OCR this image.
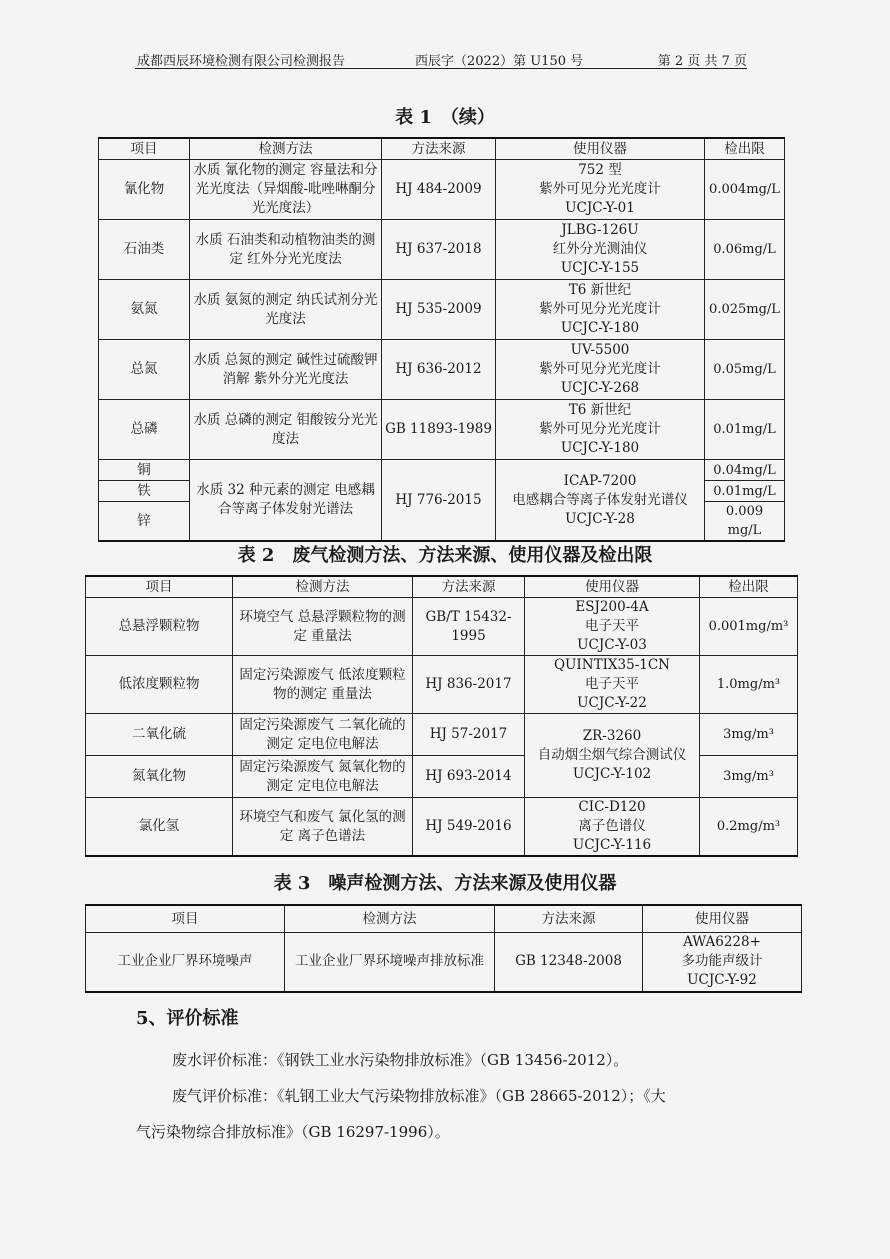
成都西辰环境检测有限公司检测报告	西辰字（2022）第 U150 号	第 2 页 共 7 页
表 1　（续）
项目	检测方法	方法来源	使用仪器	检出限
氰化物	水质 氰化物的测定 容量法和分光光度法（异烟酸-吡唑啉酮分光光度法）	HJ 484-2009	752 型
紫外可见分光光度计
UCJC-Y-01	0.004mg/L
石油类	水质 石油类和动植物油类的测定 红外分光光度法	HJ 637-2018	JLBG-126U
红外分光测油仪
UCJC-Y-155	0.06mg/L
氨氮	水质 氨氮的测定 纳氏试剂分光光度法	HJ 535-2009	T6 新世纪
紫外可见分光光度计
UCJC-Y-180	0.025mg/L
总氮	水质 总氮的测定 碱性过硫酸钾消解 紫外分光光度法	HJ 636-2012	UV-5500
紫外可见分光光度计
UCJC-Y-268	0.05mg/L
总磷	水质 总磷的测定 钼酸铵分光光度法	GB 11893-1989	T6 新世纪
紫外可见分光光度计
UCJC-Y-180	0.01mg/L
铜	水质 32 种元素的测定 电感耦合等离子体发射光谱法	HJ 776-2015	ICAP-7200
电感耦合等离子体发射光谱仪
UCJC-Y-28	0.04mg/L
铁				0.01mg/L
锌				0.009 mg/L
表 2　废气检测方法、方法来源、使用仪器及检出限
项目	检测方法	方法来源	使用仪器	检出限
总悬浮颗粒物	环境空气 总悬浮颗粒物的测定 重量法	GB/T 15432-1995	ESJ200-4A
电子天平
UCJC-Y-03	0.001mg/m³
低浓度颗粒物	固定污染源废气 低浓度颗粒物的测定 重量法	HJ 836-2017	QUINTIX35-1CN
电子天平
UCJC-Y-22	1.0mg/m³
二氧化硫	固定污染源废气 二氧化硫的测定 定电位电解法	HJ 57-2017	ZR-3260
自动烟尘烟气综合测试仪
UCJC-Y-102	3mg/m³
氮氧化物	固定污染源废气 氮氧化物的测定 定电位电解法	HJ 693-2014		3mg/m³
氯化氢	环境空气和废气 氯化氢的测定 离子色谱法	HJ 549-2016	CIC-D120
离子色谱仪
UCJC-Y-116	0.2mg/m³
表 3　噪声检测方法、方法来源及使用仪器
项目	检测方法	方法来源	使用仪器
工业企业厂界环境噪声	工业企业厂界环境噪声排放标准	GB 12348-2008	AWA6228+
多功能声级计
UCJC-Y-92
5、评价标准
废水评价标准：《钢铁工业水污染物排放标准》（GB 13456-2012）。
废气评价标准：《轧钢工业大气污染物排放标准》（GB 28665-2012）；《大
气污染物综合排放标准》（GB 16297-1996）。
